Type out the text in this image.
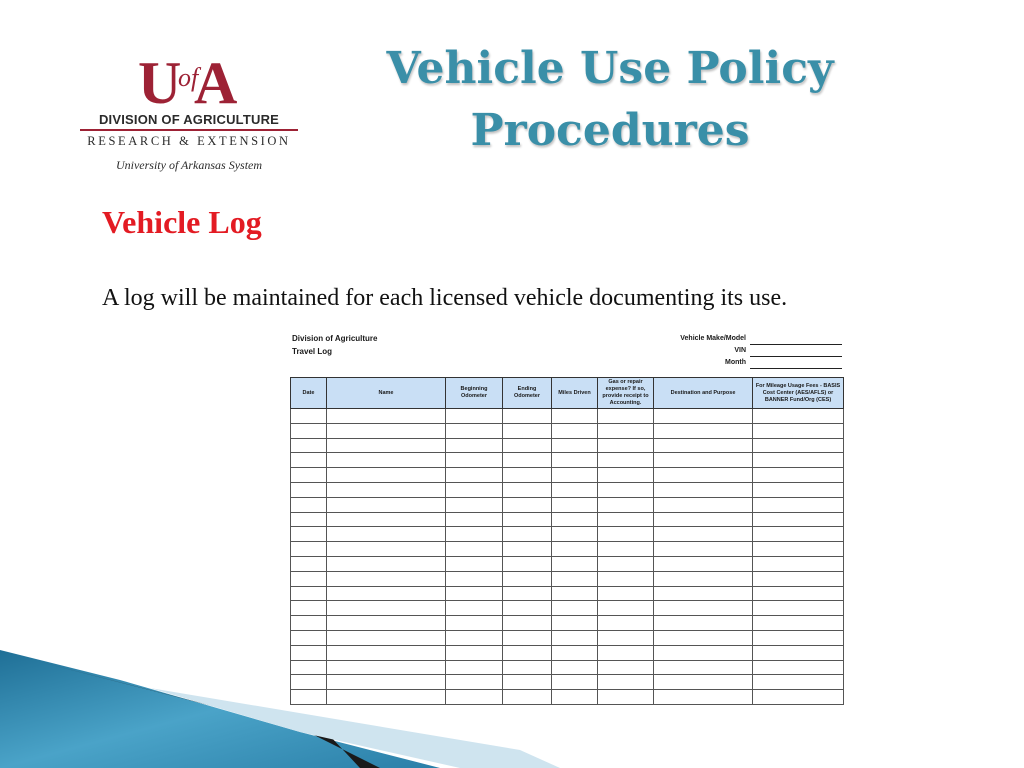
U
of
A
DIVISION OF AGRICULTURE
RESEARCH & EXTENSION
University of Arkansas System
Vehicle Use Policy
Procedures
Vehicle Log
A log will be maintained for each licensed vehicle documenting its use.
Division of Agriculture
Travel Log
Vehicle Make/Model
VIN
Month
Date	Name	Beginning Odometer	Ending Odometer	Miles Driven	Gas or repair expense? If so, provide receipt to Accounting.	Destination and Purpose	For Mileage Usage Fees - BASIS Cost Center (AES/AFLS) or BANNER Fund/Org (CES)
